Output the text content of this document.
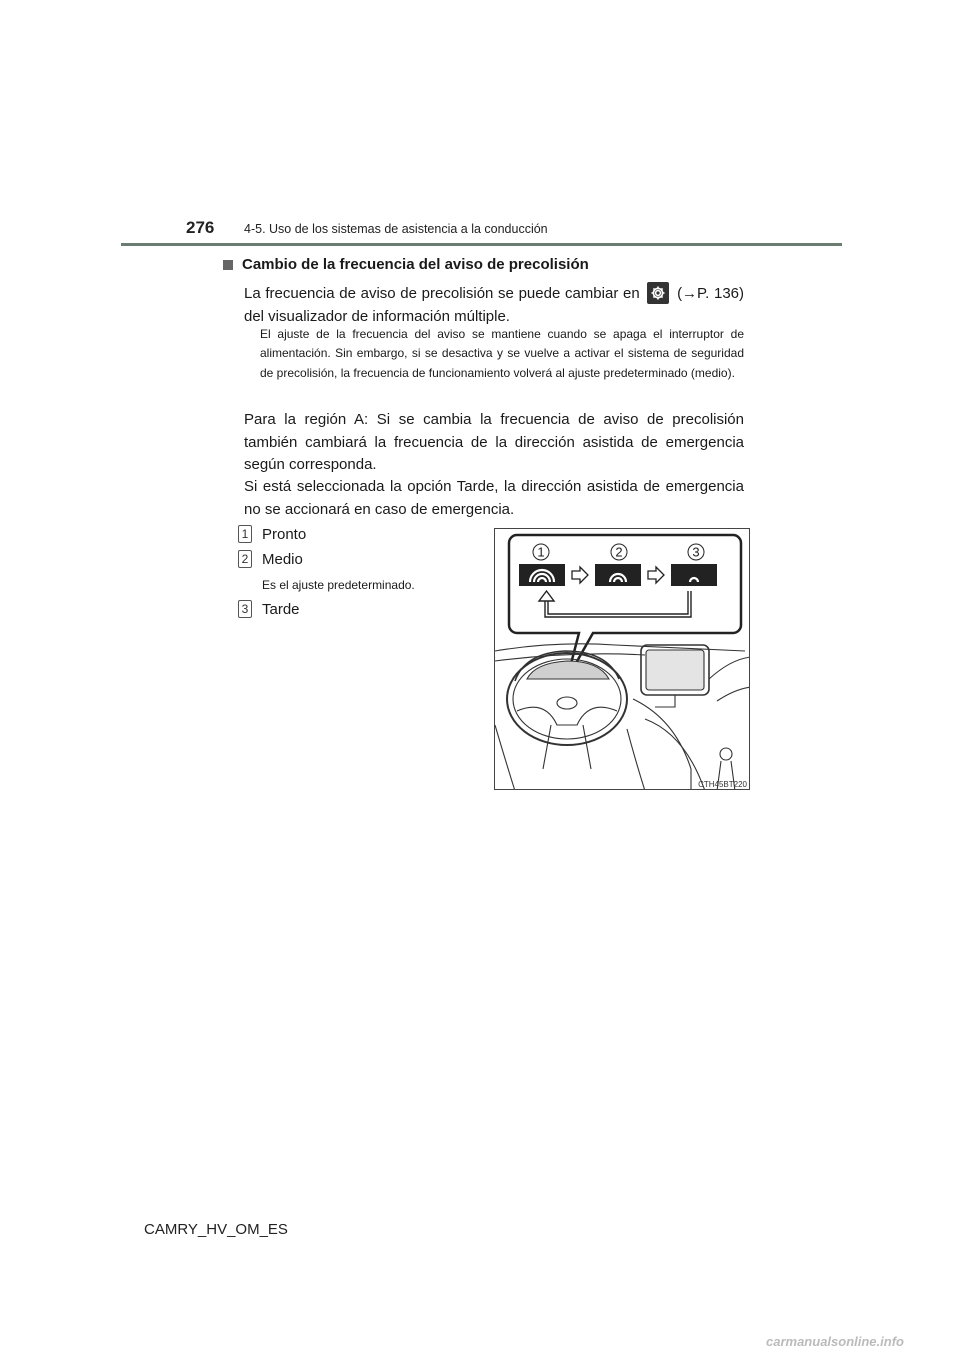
276 4-5. Uso de los sistemas de asistencia a la conducción
Cambio de la frecuencia del aviso de precolisión
La frecuencia de aviso de precolisión se puede cambiar en (→P. 136) del visualizador de información múltiple.
El ajuste de la frecuencia del aviso se mantiene cuando se apaga el interruptor de alimentación. Sin embargo, si se desactiva y se vuelve a activar el sistema de seguridad de precolisión, la frecuencia de funcionamiento volverá al ajuste predeterminado (medio).
Para la región A: Si se cambia la frecuencia de aviso de precolisión también cambiará la frecuencia de la dirección asistida de emergencia según corresponda.
Si está seleccionada la opción Tarde, la dirección asistida de emergencia no se accionará en caso de emergencia.
1 Pronto
2 Medio
Es el ajuste predeterminado.
3 Tarde
1	2	3
CTH45BT220
CAMRY_HV_OM_ES
carmanualsonline.info
